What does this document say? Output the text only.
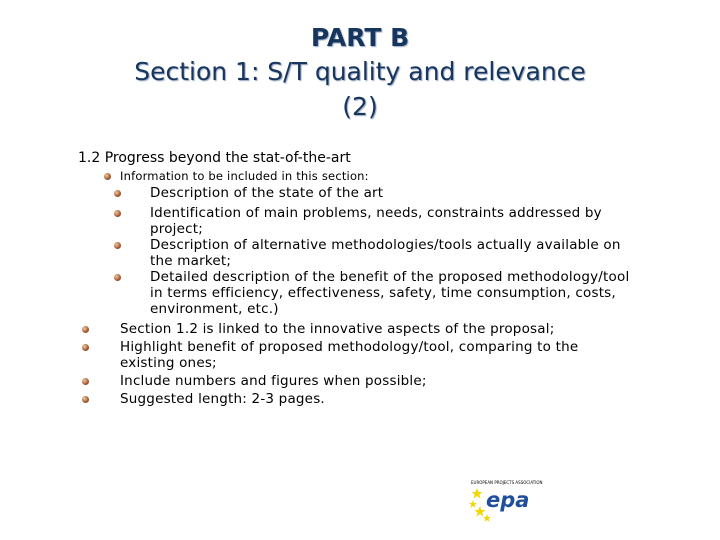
PART B
Section 1: S/T quality and relevance
(2)
1.2 Progress beyond the stat-of-the-art
Information to be included in this section:
Description of the state of the art
Identification of main problems, needs, constraints addressed by
project;
Description of alternative methodologies/tools actually available on
the market;
Detailed description of the benefit of the proposed methodology/tool
in terms efficiency, effectiveness, safety, time consumption, costs,
environment, etc.)
Section 1.2 is linked to the innovative aspects of the proposal;
Highlight benefit of proposed methodology/tool, comparing to the
existing ones;
Include numbers and figures when possible;
Suggested length: 2-3 pages.
EUROPEAN PROJECTS ASSOCIATION
epa
